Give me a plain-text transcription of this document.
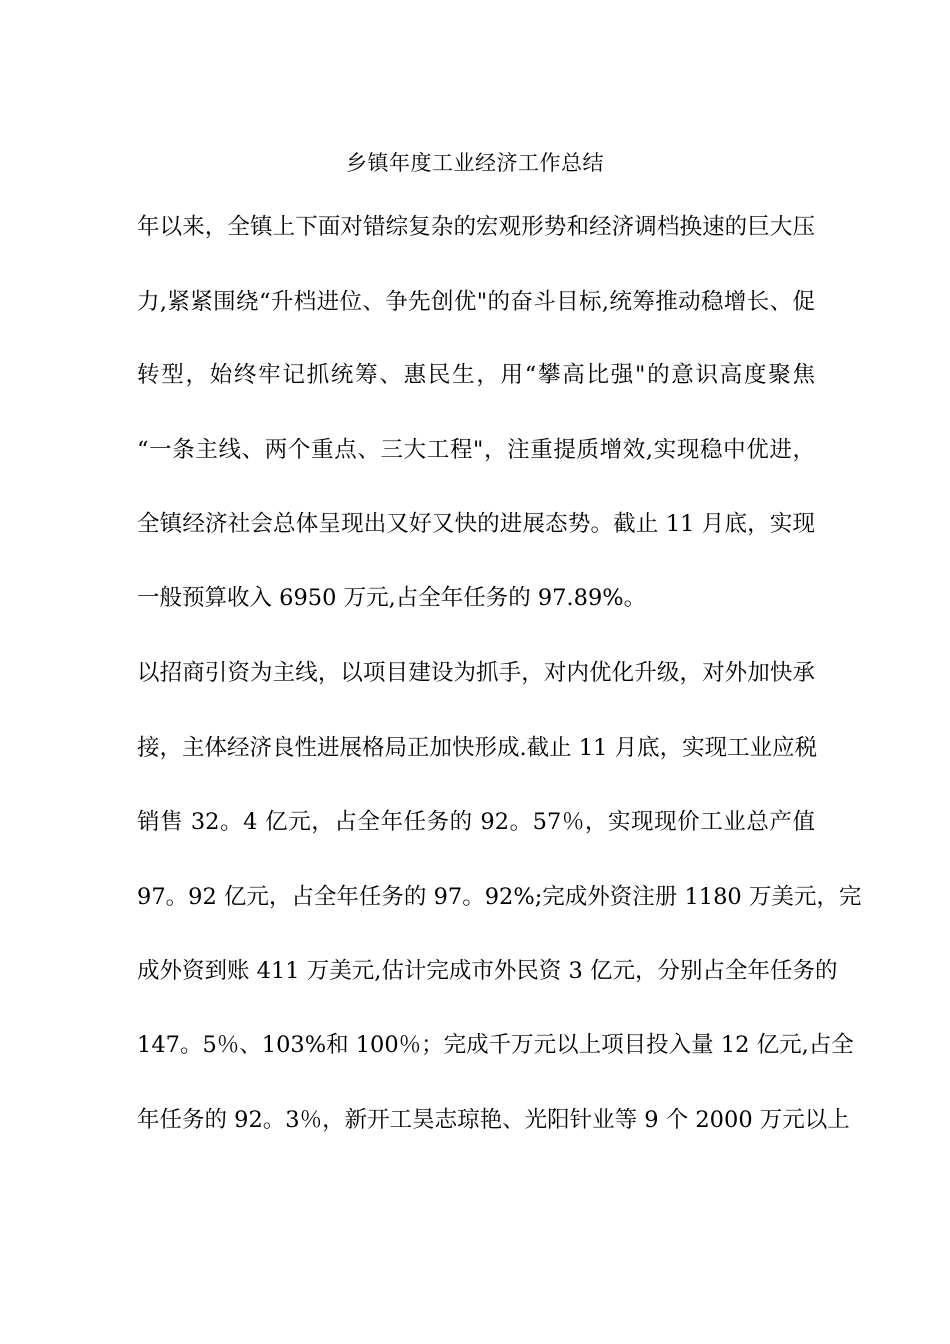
乡镇年度工业经济工作总结
年以来，全镇上下面对错综复杂的宏观形势和经济调档换速的巨大压
力,紧紧围绕“升档进位、争先创优"的奋斗目标,统筹推动稳增长、促
转型，始终牢记抓统筹、惠民生，用“攀高比强"的意识高度聚焦
“一条主线、两个重点、三大工程"，注重提质增效,实现稳中优进，
全镇经济社会总体呈现出又好又快的进展态势。截止 11 月底，实现
一般预算收入 6950 万元,占全年任务的 97.89%。
以招商引资为主线，以项目建设为抓手，对内优化升级，对外加快承
接，主体经济良性进展格局正加快形成.截止 11 月底，实现工业应税
销售 32。4 亿元，占全年任务的 92。57％，实现现价工业总产值
97。92 亿元，占全年任务的 97。92%;完成外资注册 1180 万美元，完
成外资到账 411 万美元,估计完成市外民资 3 亿元，分别占全年任务的
147。5％、103%和 100％；完成千万元以上项目投入量 12 亿元,占全
年任务的 92。3％，新开工昊志琼艳、光阳针业等 9 个 2000 万元以上
